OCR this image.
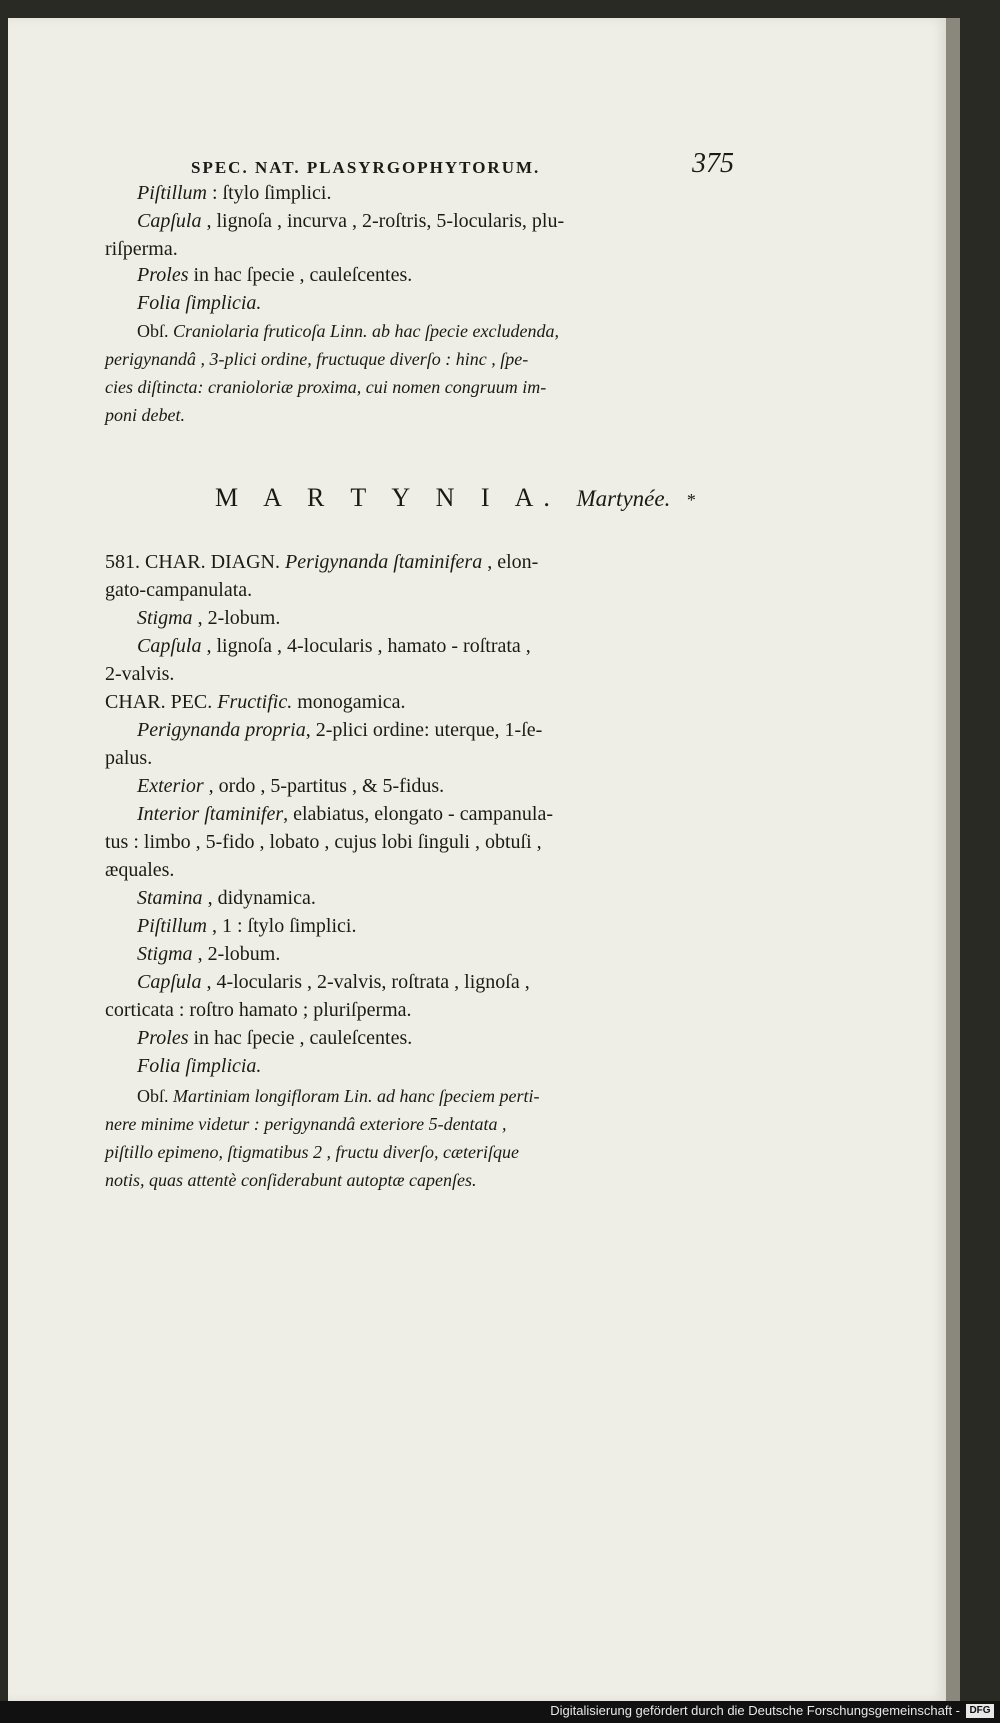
SPEC. NAT. PLASYRGOPHYTORUM.	375
Piſtillum : ſtylo ſimplici.
Capſula , lignoſa , incurva , 2-roſtris, 5-locularis, plu-
riſperma.
Proles in hac ſpecie , cauleſcentes.
Folia ſimplicia.
Obſ. Craniolaria fruticoſa Linn. ab hac ſpecie excludenda,
perigynandâ , 3-plici ordine, fructuque diverſo : hinc , ſpe-
cies diſtincta: cranioloriæ proxima, cui nomen congruum im-
poni debet.
M A R T Y N I A. Martynée. *
581. CHAR. DIAGN. Perigynanda ſtaminifera , elon-
gato-campanulata.
Stigma , 2-lobum.
Capſula , lignoſa , 4-locularis , hamato - roſtrata ,
2-valvis.
CHAR. PEC. Fructific. monogamica.
Perigynanda propria, 2-plici ordine: uterque, 1-ſe-
palus.
Exterior , ordo , 5-partitus , & 5-fidus.
Interior ſtaminifer, elabiatus, elongato - campanula-
tus : limbo , 5-fido , lobato , cujus lobi ſinguli , obtuſi ,
æquales.
Stamina , didynamica.
Piſtillum , 1 : ſtylo ſimplici.
Stigma , 2-lobum.
Capſula , 4-locularis , 2-valvis, roſtrata , lignoſa ,
corticata : roſtro hamato ; pluriſperma.
Proles in hac ſpecie , cauleſcentes.
Folia ſimplicia.
Obſ. Martiniam longifloram Lin. ad hanc ſpeciem perti-
nere minime videtur : perigynandâ exteriore 5-dentata ,
piſtillo epimeno, ſtigmatibus 2 , fructu diverſo, cæteriſque
notis, quas attentè conſiderabunt autoptæ capenſes.
Digitalisierung gefördert durch die Deutsche Forschungsgemeinschaft - DFG
